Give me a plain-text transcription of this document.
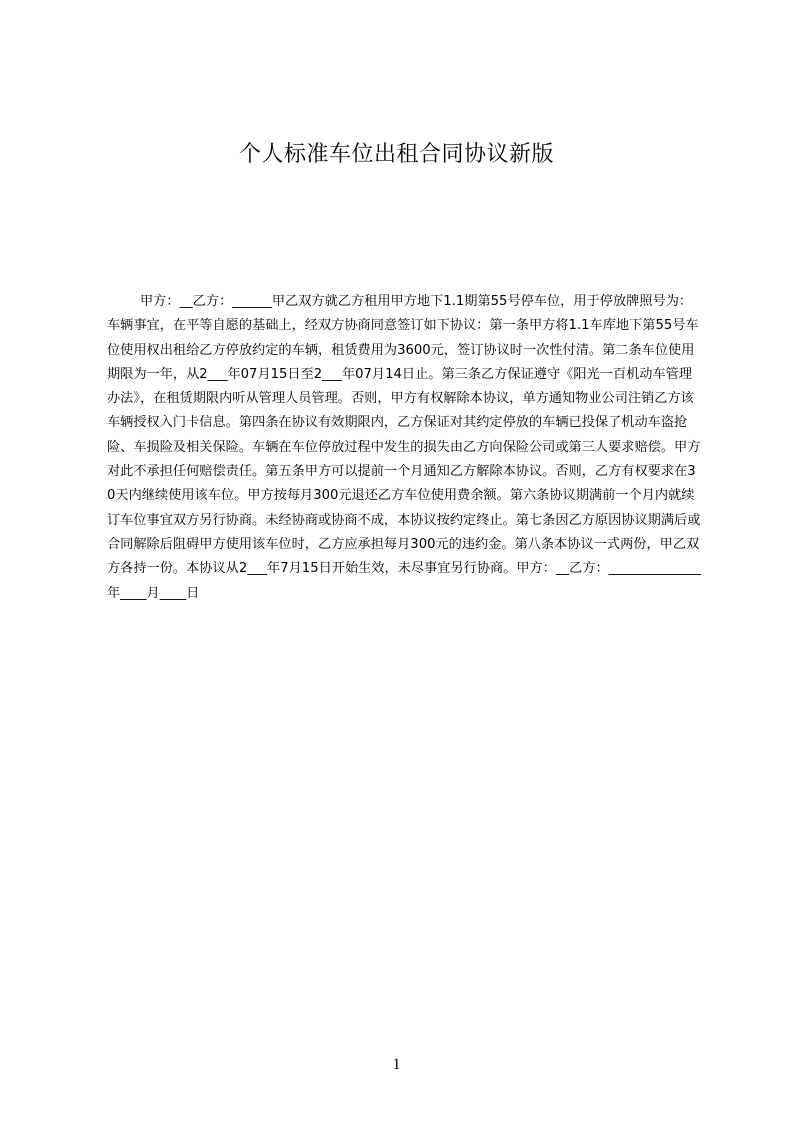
个人标准车位出租合同协议新版

甲方：__乙方：______甲乙双方就乙方租用甲方地下1.1期第55号停车位，用于停放牌照号为：车辆事宜，在平等自愿的基础上，经双方协商同意签订如下协议：第一条甲方将1.1车库地下第55号车位使用权出租给乙方停放约定的车辆，租赁费用为3600元，签订协议时一次性付清。第二条车位使用期限为一年，从2___年07月15日至2___年07月14日止。第三条乙方保证遵守《阳光一百机动车管理办法》，在租赁期限内听从管理人员管理。否则，甲方有权解除本协议，单方通知物业公司注销乙方该车辆授权入门卡信息。第四条在协议有效期限内，乙方保证对其约定停放的车辆已投保了机动车盗抢险、车损险及相关保险。车辆在车位停放过程中发生的损失由乙方向保险公司或第三人要求赔偿。甲方对此不承担任何赔偿责任。第五条甲方可以提前一个月通知乙方解除本协议。否则，乙方有权要求在30天内继续使用该车位。甲方按每月300元退还乙方车位使用费余额。第六条协议期满前一个月内就续订车位事宜双方另行协商。未经协商或协商不成，本协议按约定终止。第七条因乙方原因协议期满后或合同解除后阻碍甲方使用该车位时，乙方应承担每月300元的违约金。第八条本协议一式两份，甲乙双方各持一份。本协议从2___年7月15日开始生效，未尽事宜另行协商。甲方：__乙方：______________年____月____日

1
